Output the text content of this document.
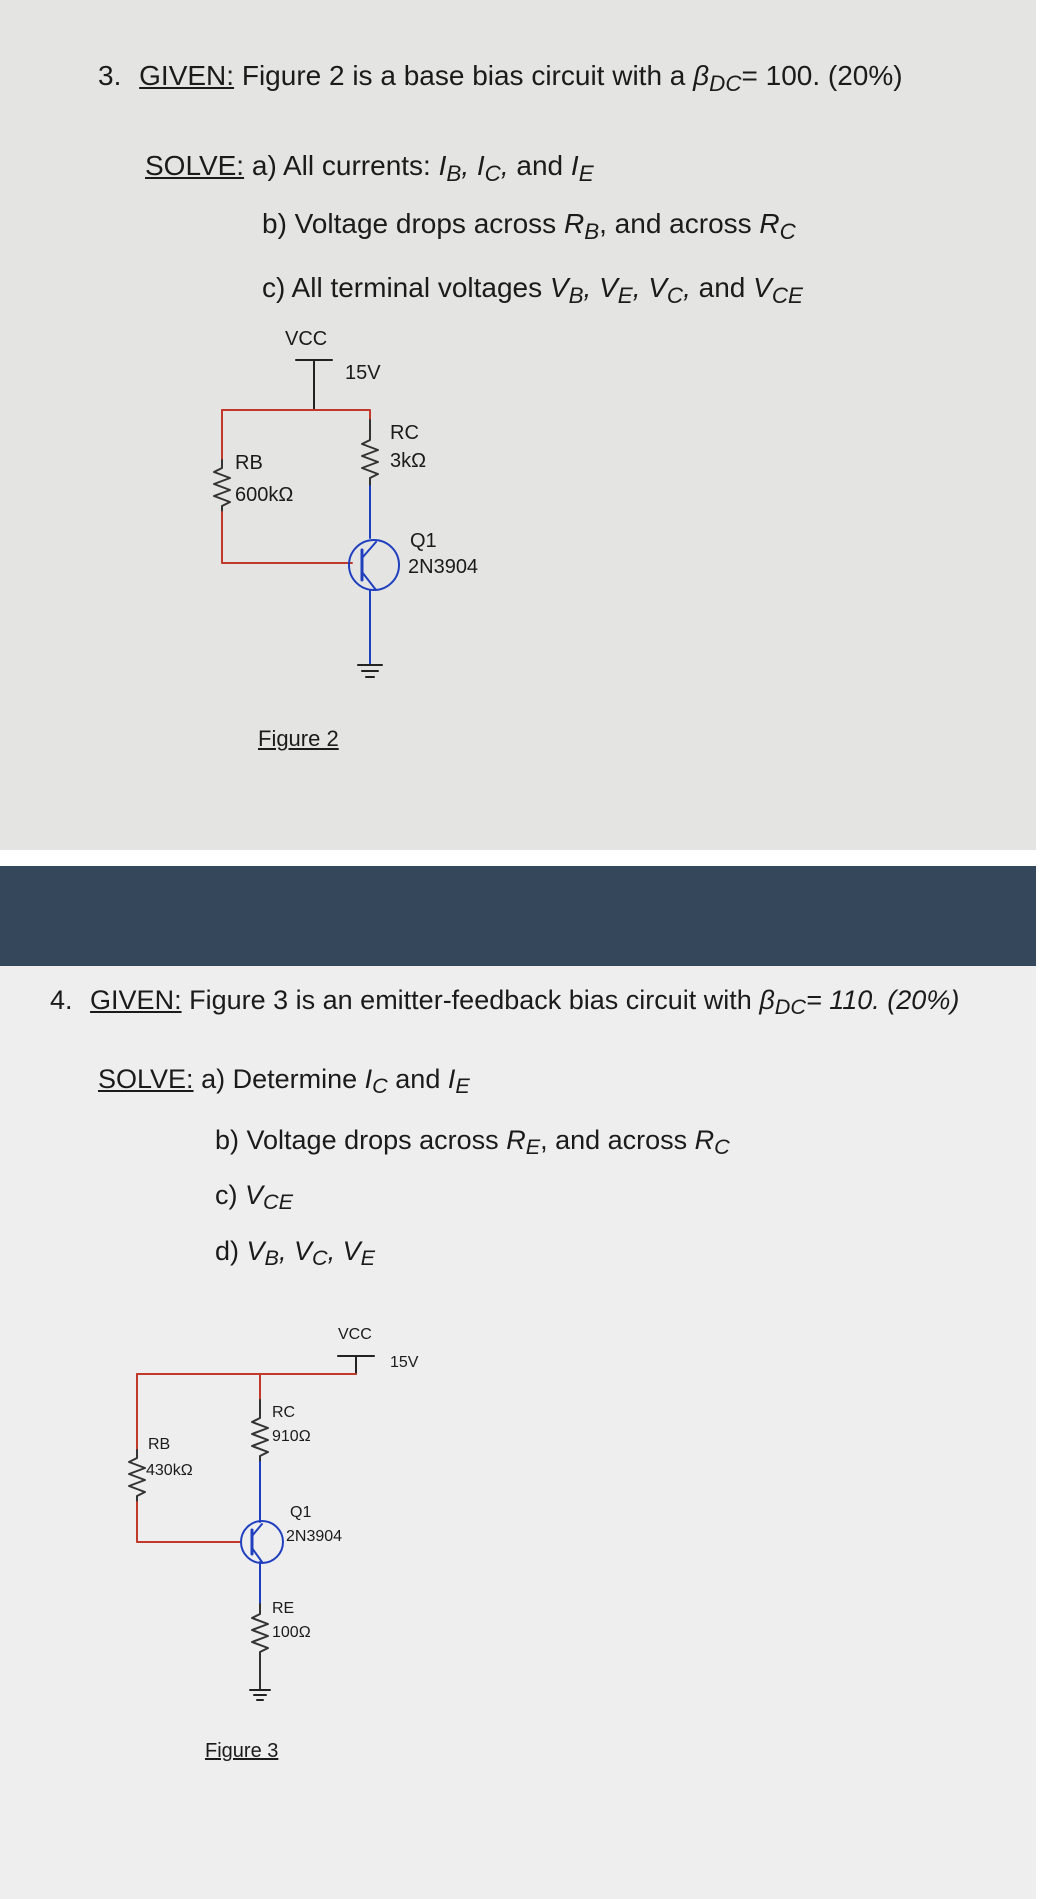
3. GIVEN: Figure 2 is a base bias circuit with a βDC= 100. (20%)
SOLVE: a) All currents: IB, IC, and IE
b) Voltage drops across RB, and across RC
c) All terminal voltages VB, VE, VC, and VCE
VCC
15V
RC
3kΩ
RB
600kΩ
Q1
2N3904
Figure 2
4. GIVEN: Figure 3 is an emitter-feedback bias circuit with $\beta_{DC}= 110$. (20%)
SOLVE: a) Determine $I_C$ and $I_E$
b) Voltage drops across $R_E$, and across $R_C$
c) $V_{CE}$
d) $V_B$, $V_C$, $V_E$
VCC
15V
RC
910Ω
RB
430kΩ
Q1
2N3904
RE
100Ω
Figure 3
